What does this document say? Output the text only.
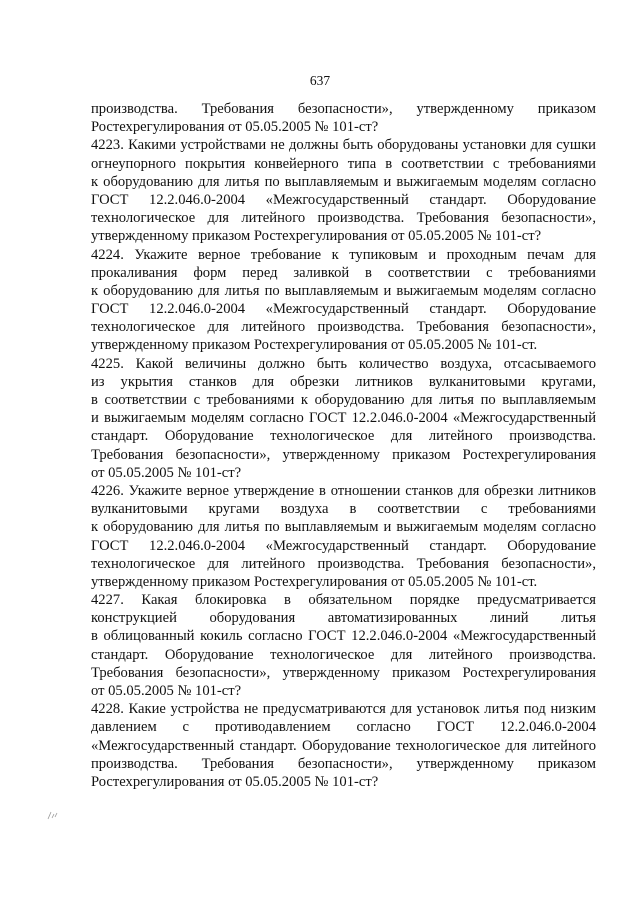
637
производства. Требования безопасности», утвержденному приказом
Ростехрегулирования от 05.05.2005 № 101-ст?
4223. Какими устройствами не должны быть оборудованы установки для сушки
огнеупорного покрытия конвейерного типа в соответствии с требованиями
к оборудованию для литья по выплавляемым и выжигаемым моделям согласно
ГОСТ 12.2.046.0-2004 «Межгосударственный стандарт. Оборудование
технологическое для литейного производства. Требования безопасности»,
утвержденному приказом Ростехрегулирования от 05.05.2005 № 101-ст?
4224. Укажите верное требование к тупиковым и проходным печам для
прокаливания форм перед заливкой в соответствии с требованиями
к оборудованию для литья по выплавляемым и выжигаемым моделям согласно
ГОСТ 12.2.046.0-2004 «Межгосударственный стандарт. Оборудование
технологическое для литейного производства. Требования безопасности»,
утвержденному приказом Ростехрегулирования от 05.05.2005 № 101-ст.
4225. Какой величины должно быть количество воздуха, отсасываемого
из укрытия станков для обрезки литников вулканитовыми кругами,
в соответствии с требованиями к оборудованию для литья по выплавляемым
и выжигаемым моделям согласно ГОСТ 12.2.046.0-2004 «Межгосударственный
стандарт. Оборудование технологическое для литейного производства.
Требования безопасности», утвержденному приказом Ростехрегулирования
от 05.05.2005 № 101-ст?
4226. Укажите верное утверждение в отношении станков для обрезки литников
вулканитовыми кругами воздуха в соответствии с требованиями
к оборудованию для литья по выплавляемым и выжигаемым моделям согласно
ГОСТ 12.2.046.0-2004 «Межгосударственный стандарт. Оборудование
технологическое для литейного производства. Требования безопасности»,
утвержденному приказом Ростехрегулирования от 05.05.2005 № 101-ст.
4227. Какая блокировка в обязательном порядке предусматривается
конструкцией оборудования автоматизированных линий литья
в облицованный кокиль согласно ГОСТ 12.2.046.0-2004 «Межгосударственный
стандарт. Оборудование технологическое для литейного производства.
Требования безопасности», утвержденному приказом Ростехрегулирования
от 05.05.2005 № 101-ст?
4228. Какие устройства не предусматриваются для установок литья под низким
давлением с противодавлением согласно ГОСТ 12.2.046.0-2004
«Межгосударственный стандарт. Оборудование технологическое для литейного
производства. Требования безопасности», утвержденному приказом
Ростехрегулирования от 05.05.2005 № 101-ст?
